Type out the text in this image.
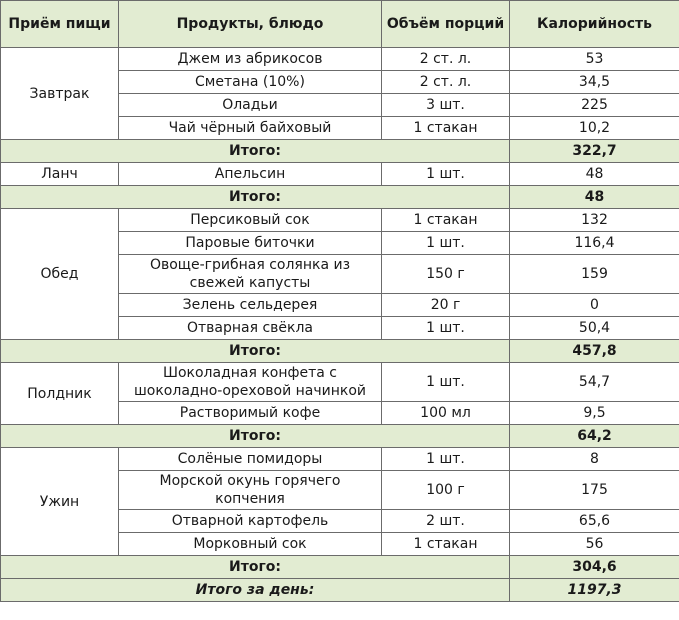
Приём пищи	Продукты, блюдо	Объём порций	Калорийность
Завтрак	Джем из абрикосов	2 ст. л.	53
	Сметана (10%)	2 ст. л.	34,5
	Оладьи	3 шт.	225
	Чай чёрный байховый	1 стакан	10,2
Итого:			322,7
Ланч	Апельсин	1 шт.	48
Итого:			48
Обед	Персиковый сок	1 стакан	132
	Паровые биточки	1 шт.	116,4
	Овоще-грибная солянка из свежей капусты	150 г	159
	Зелень сельдерея	20 г	0
	Отварная свёкла	1 шт.	50,4
Итого:			457,8
Полдник	Шоколадная конфета с шоколадно-ореховой начинкой	1 шт.	54,7
	Растворимый кофе	100 мл	9,5
Итого:			64,2
Ужин	Солёные помидоры	1 шт.	8
	Морской окунь горячего копчения	100 г	175
	Отварной картофель	2 шт.	65,6
	Морковный сок	1 стакан	56
Итого:			304,6
Итого за день:			1197,3
